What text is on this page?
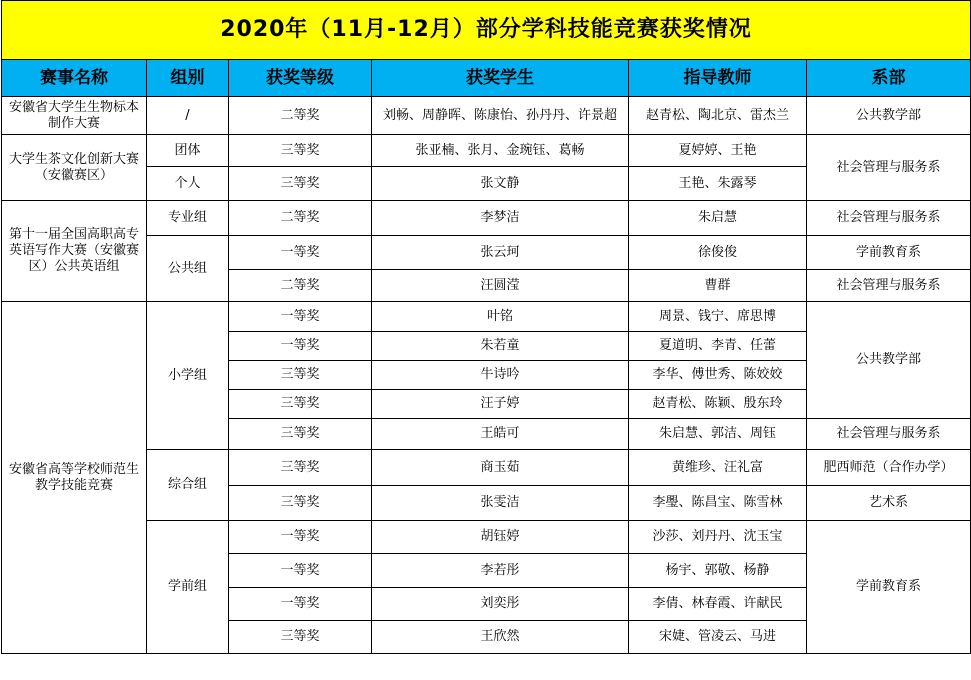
2020年（11月-12月）部分学科技能竞赛获奖情况					
赛事名称	组别	获奖等级	获奖学生	指导教师	系部
安徽省大学生生物标本制作大赛	/	二等奖	刘畅、周静晖、陈康怡、孙丹丹、许景超	赵青松、陶北京、雷杰兰	公共教学部
大学生茶文化创新大赛（安徽赛区）	团体	三等奖	张亚楠、张月、金琬钰、葛畅	夏婷婷、王艳	社会管理与服务系
	个人	三等奖	张文静	王艳、朱露琴	
第十一届全国高职高专英语写作大赛（安徽赛区）公共英语组	专业组	二等奖	李梦洁	朱启慧	社会管理与服务系
	公共组	一等奖	张云珂	徐俊俊	学前教育系
		二等奖	汪圆滢	曹群	社会管理与服务系
安徽省高等学校师范生教学技能竞赛	小学组	一等奖	叶铭	周景、钱宁、席思博	公共教学部
		一等奖	朱若童	夏道明、李青、任蕾	
		三等奖	牛诗吟	李华、傅世秀、陈姣姣	
		三等奖	汪子婷	赵青松、陈颖、殷东玲	
		三等奖	王皓可	朱启慧、郭洁、周钰	社会管理与服务系
	综合组	三等奖	商玉茹	黄维珍、汪礼富	肥西师范（合作办学）
		三等奖	张雯洁	李璺、陈昌宝、陈雪林	艺术系
	学前组	一等奖	胡钰婷	沙莎、刘丹丹、沈玉宝	学前教育系
		一等奖	李若彤	杨宇、郭敬、杨静	
		一等奖	刘奕彤	李倩、林春霞、许献民	
		三等奖	王欣然	宋婕、管凌云、马进	
